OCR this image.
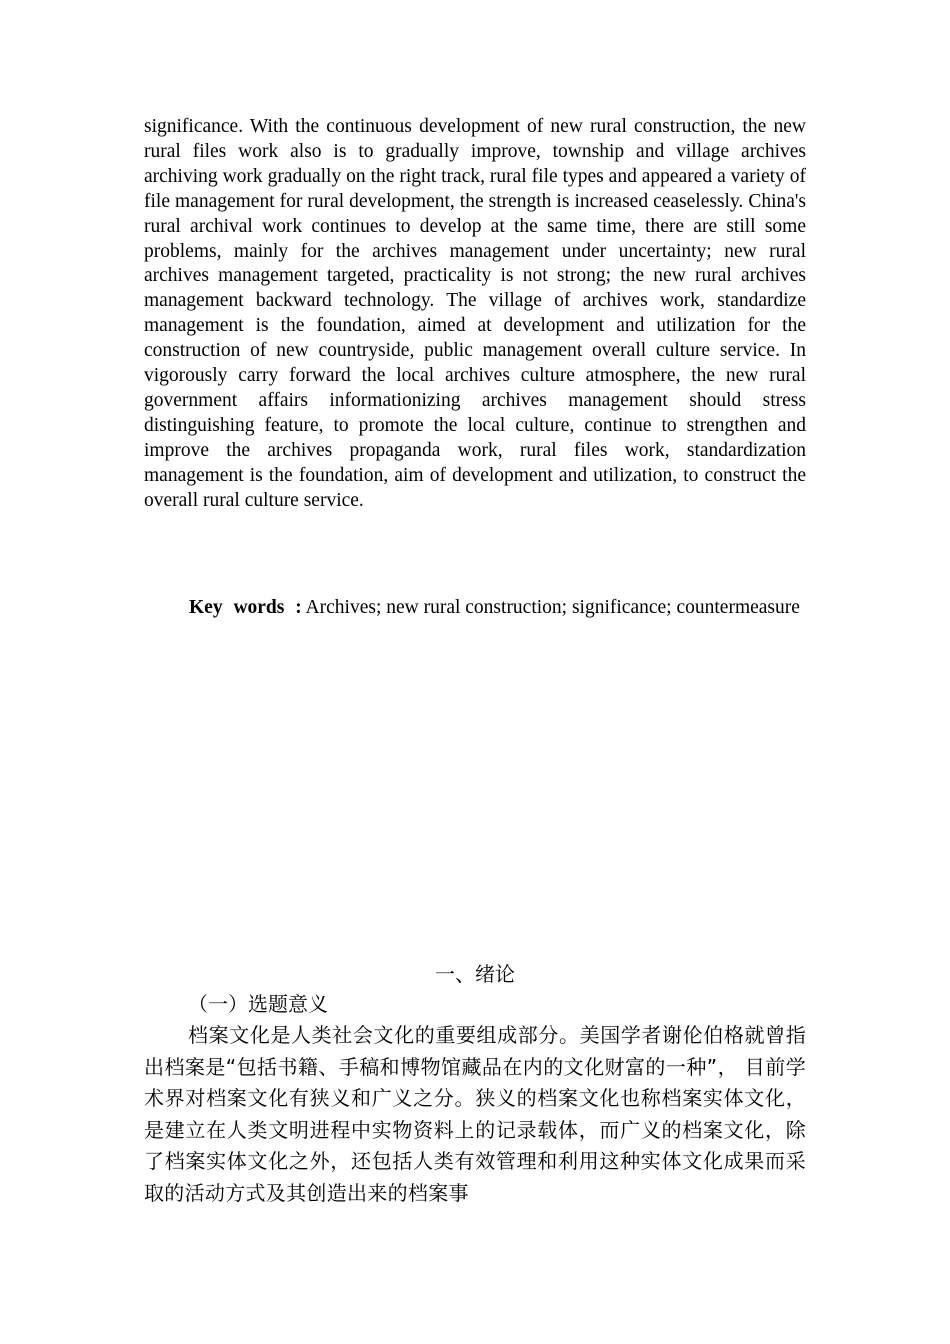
significance. With the continuous development of new rural construction, the new rural files work also is to gradually improve, township and village archives archiving work gradually on the right track, rural file types and appeared a variety of file management for rural development, the strength is increased ceaselessly. China's rural archival work continues to develop at the same time, there are still some problems, mainly for the archives management under uncertainty; new rural archives management targeted, practicality is not strong; the new rural archives management backward technology. The village of archives work, standardize management is the foundation, aimed at development and utilization for the construction of new countryside, public management overall culture service. In vigorously carry forward the local archives culture atmosphere, the new rural government affairs informationizing archives management should stress distinguishing feature, to promote the local culture, continue to strengthen and improve the archives propaganda work, rural files work, standardization management is the foundation, aim of development and utilization, to construct the overall rural culture service.

Key words : Archives; new rural construction; significance; countermeasure

一、绪论
（一）选题意义

档案文化是人类社会文化的重要组成部分。美国学者谢伦伯格就曾指出档案是“包括书籍、手稿和博物馆藏品在内的文化财富的一种”， 目前学术界对档案文化有狭义和广义之分。狭义的档案文化也称档案实体文化，是建立在人类文明进程中实物资料上的记录载体，而广义的档案文化，除了档案实体文化之外，还包括人类有效管理和利用这种实体文化成果而采取的活动方式及其创造出来的档案事
